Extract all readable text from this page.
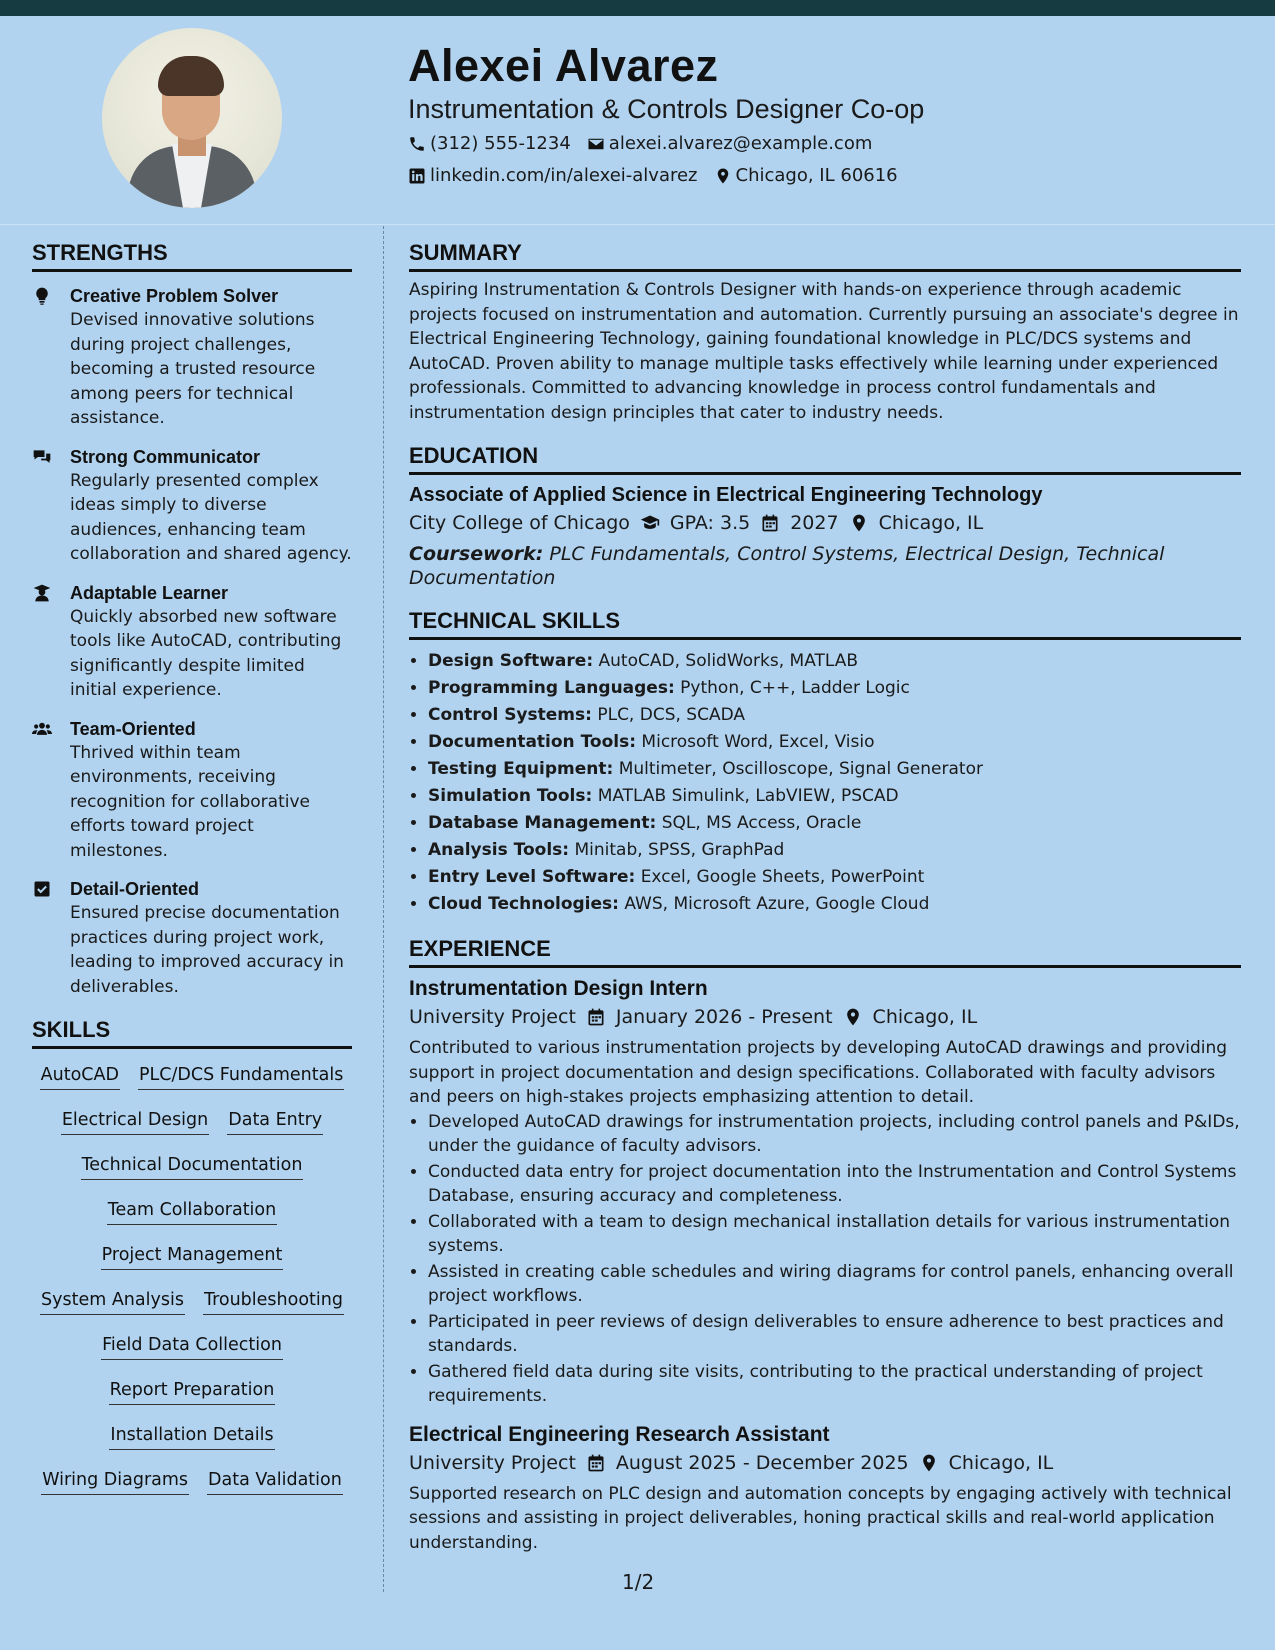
Alexei Alvarez
Instrumentation & Controls Designer Co-op
(312) 555-1234 alexei.alvarez@example.com
linkedin.com/in/alexei-alvarez Chicago, IL 60616
STRENGTHS
Creative Problem Solver
Devised innovative solutions during project challenges, becoming a trusted resource among peers for technical assistance.
Strong Communicator
Regularly presented complex ideas simply to diverse audiences, enhancing team collaboration and shared agency.
Adaptable Learner
Quickly absorbed new software tools like AutoCAD, contributing significantly despite limited initial experience.
Team-Oriented
Thrived within team environments, receiving recognition for collaborative efforts toward project milestones.
Detail-Oriented
Ensured precise documentation practices during project work, leading to improved accuracy in deliverables.
SKILLS
AutoCAD PLC/DCS Fundamentals
Electrical Design Data Entry
Technical Documentation
Team Collaboration
Project Management
System Analysis Troubleshooting
Field Data Collection
Report Preparation
Installation Details
Wiring Diagrams Data Validation
SUMMARY
Aspiring Instrumentation & Controls Designer with hands-on experience through academic projects focused on instrumentation and automation. Currently pursuing an associate's degree in Electrical Engineering Technology, gaining foundational knowledge in PLC/DCS systems and AutoCAD. Proven ability to manage multiple tasks effectively while learning under experienced professionals. Committed to advancing knowledge in process control fundamentals and instrumentation design principles that cater to industry needs.
EDUCATION
Associate of Applied Science in Electrical Engineering Technology
City College of Chicago GPA: 3.5 2027 Chicago, IL
Coursework: PLC Fundamentals, Control Systems, Electrical Design, Technical Documentation
TECHNICAL SKILLS
• Design Software: AutoCAD, SolidWorks, MATLAB
• Programming Languages: Python, C++, Ladder Logic
• Control Systems: PLC, DCS, SCADA
• Documentation Tools: Microsoft Word, Excel, Visio
• Testing Equipment: Multimeter, Oscilloscope, Signal Generator
• Simulation Tools: MATLAB Simulink, LabVIEW, PSCAD
• Database Management: SQL, MS Access, Oracle
• Analysis Tools: Minitab, SPSS, GraphPad
• Entry Level Software: Excel, Google Sheets, PowerPoint
• Cloud Technologies: AWS, Microsoft Azure, Google Cloud
EXPERIENCE
Instrumentation Design Intern
University Project January 2026 - Present Chicago, IL
Contributed to various instrumentation projects by developing AutoCAD drawings and providing support in project documentation and design specifications. Collaborated with faculty advisors and peers on high-stakes projects emphasizing attention to detail.
• Developed AutoCAD drawings for instrumentation projects, including control panels and P&IDs, under the guidance of faculty advisors.
• Conducted data entry for project documentation into the Instrumentation and Control Systems Database, ensuring accuracy and completeness.
• Collaborated with a team to design mechanical installation details for various instrumentation systems.
• Assisted in creating cable schedules and wiring diagrams for control panels, enhancing overall project workflows.
• Participated in peer reviews of design deliverables to ensure adherence to best practices and standards.
• Gathered field data during site visits, contributing to the practical understanding of project requirements.
Electrical Engineering Research Assistant
University Project August 2025 - December 2025 Chicago, IL
Supported research on PLC design and automation concepts by engaging actively with technical sessions and assisting in project deliverables, honing practical skills and real-world application understanding.
1/2
